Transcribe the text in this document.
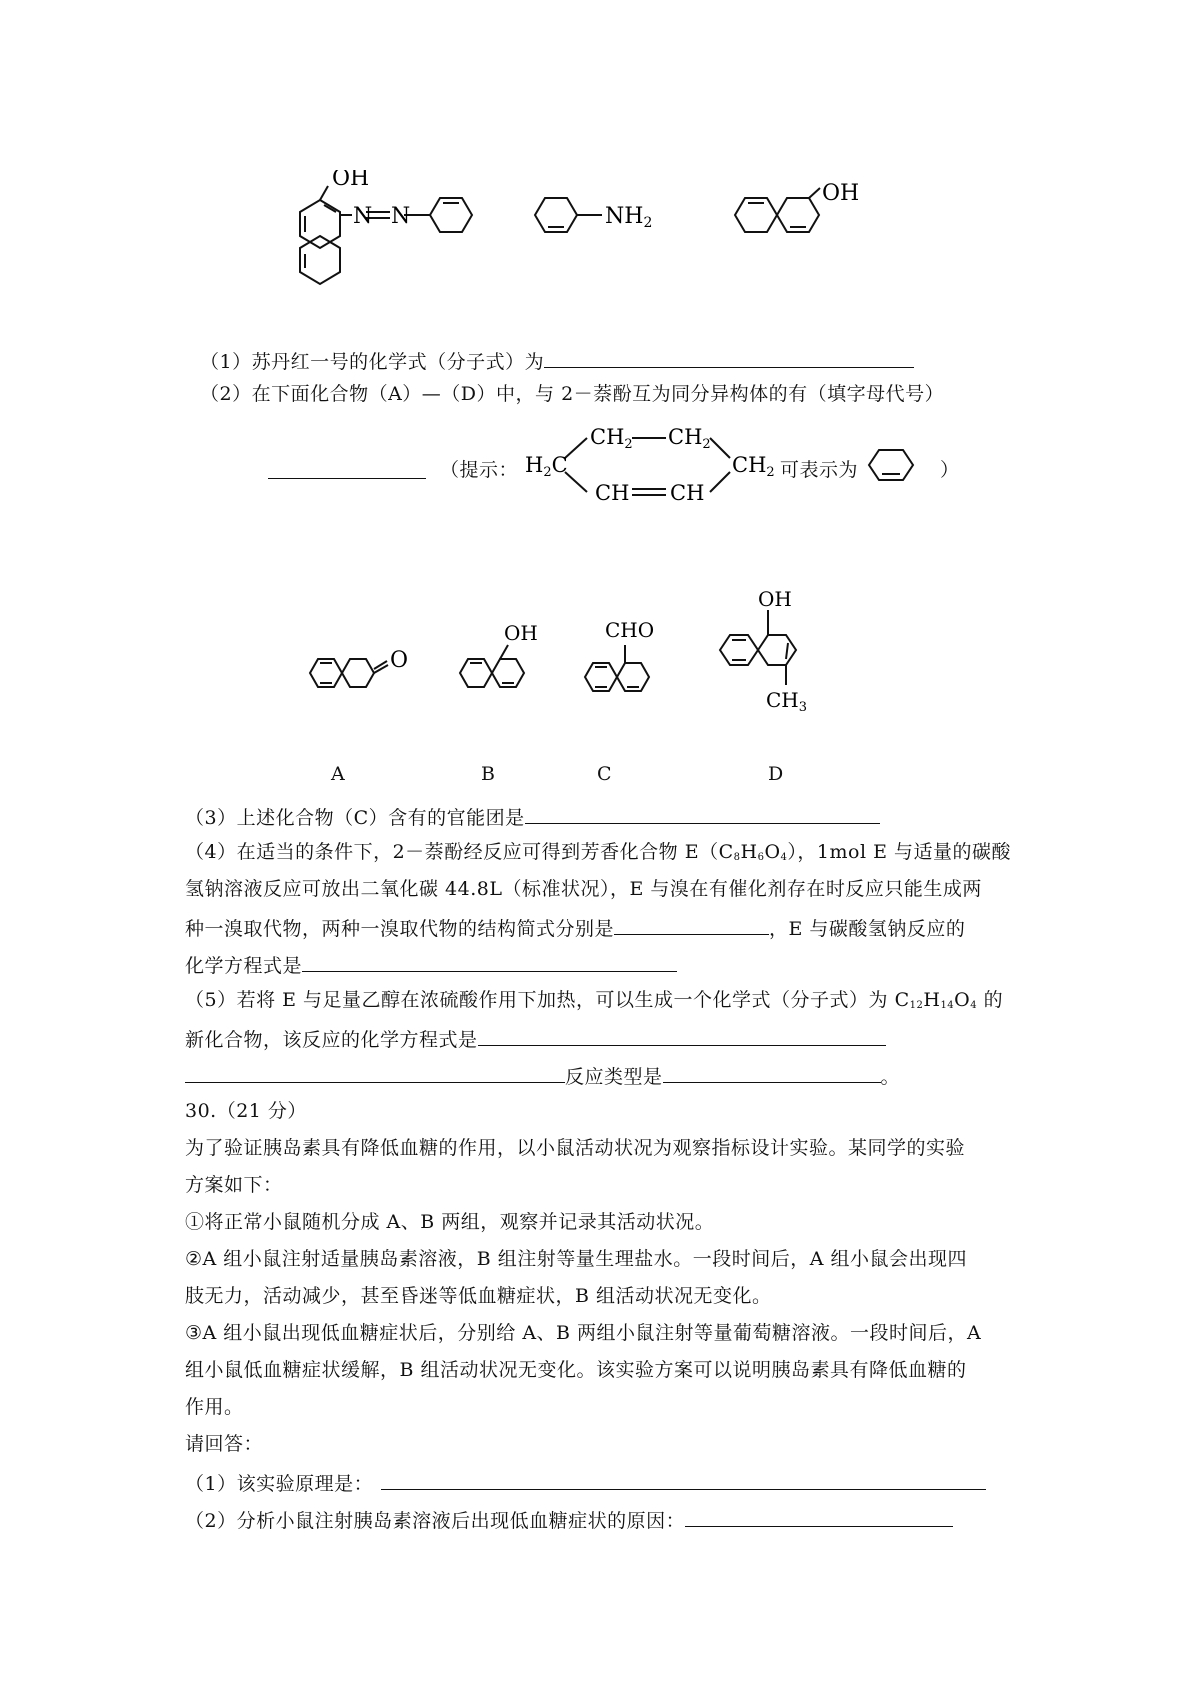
OH
N N	NH2
OH
（1）苏丹红一号的化学式（分子式）为
（2）在下面化合物（A）—（D）中，与 2－萘酚互为同分异构体的有（填字母代号）
（提示： H2C
CH2 CH2
CH2
CH CH
可表示为	）
O
OH	CHO
OH
$CH_3$
A	B	C	D
（3）上述化合物（C）含有的官能团是
（4）在适当的条件下，2－萘酚经反应可得到芳香化合物 $E(C_8H_6O_4)$，1mol E 与适量的碳酸
氢钠溶液反应可放出二氧化碳 44.8L（标准状况），E 与溴在有催化剂存在时反应只能生成两
种一溴取代物，两种一溴取代物的结构简式分别是	，E 与碳酸氢钠反应的
化学方程式是
（5）若将 E 与足量乙醇在浓硫酸作用下加热，可以生成一个化学式（分子式）为 $C_{12}H_{14}O_4$ 的
新化合物，该反应的化学方程式是
反应类型是	。
30.（21 分）
为了验证胰岛素具有降低血糖的作用，以小鼠活动状况为观察指标设计实验。某同学的实验
方案如下：
①将正常小鼠随机分成 A、B 两组，观察并记录其活动状况。
②A 组小鼠注射适量胰岛素溶液，B 组注射等量生理盐水。一段时间后，A 组小鼠会出现四
肢无力，活动减少，甚至昏迷等低血糖症状，B 组活动状况无变化。
③A 组小鼠出现低血糖症状后，分别给 A、B 两组小鼠注射等量葡萄糖溶液。一段时间后，A
组小鼠低血糖症状缓解，B 组活动状况无变化。该实验方案可以说明胰岛素具有降低血糖的
作用。
请回答：
（1）该实验原理是：
（2）分析小鼠注射胰岛素溶液后出现低血糖症状的原因：
